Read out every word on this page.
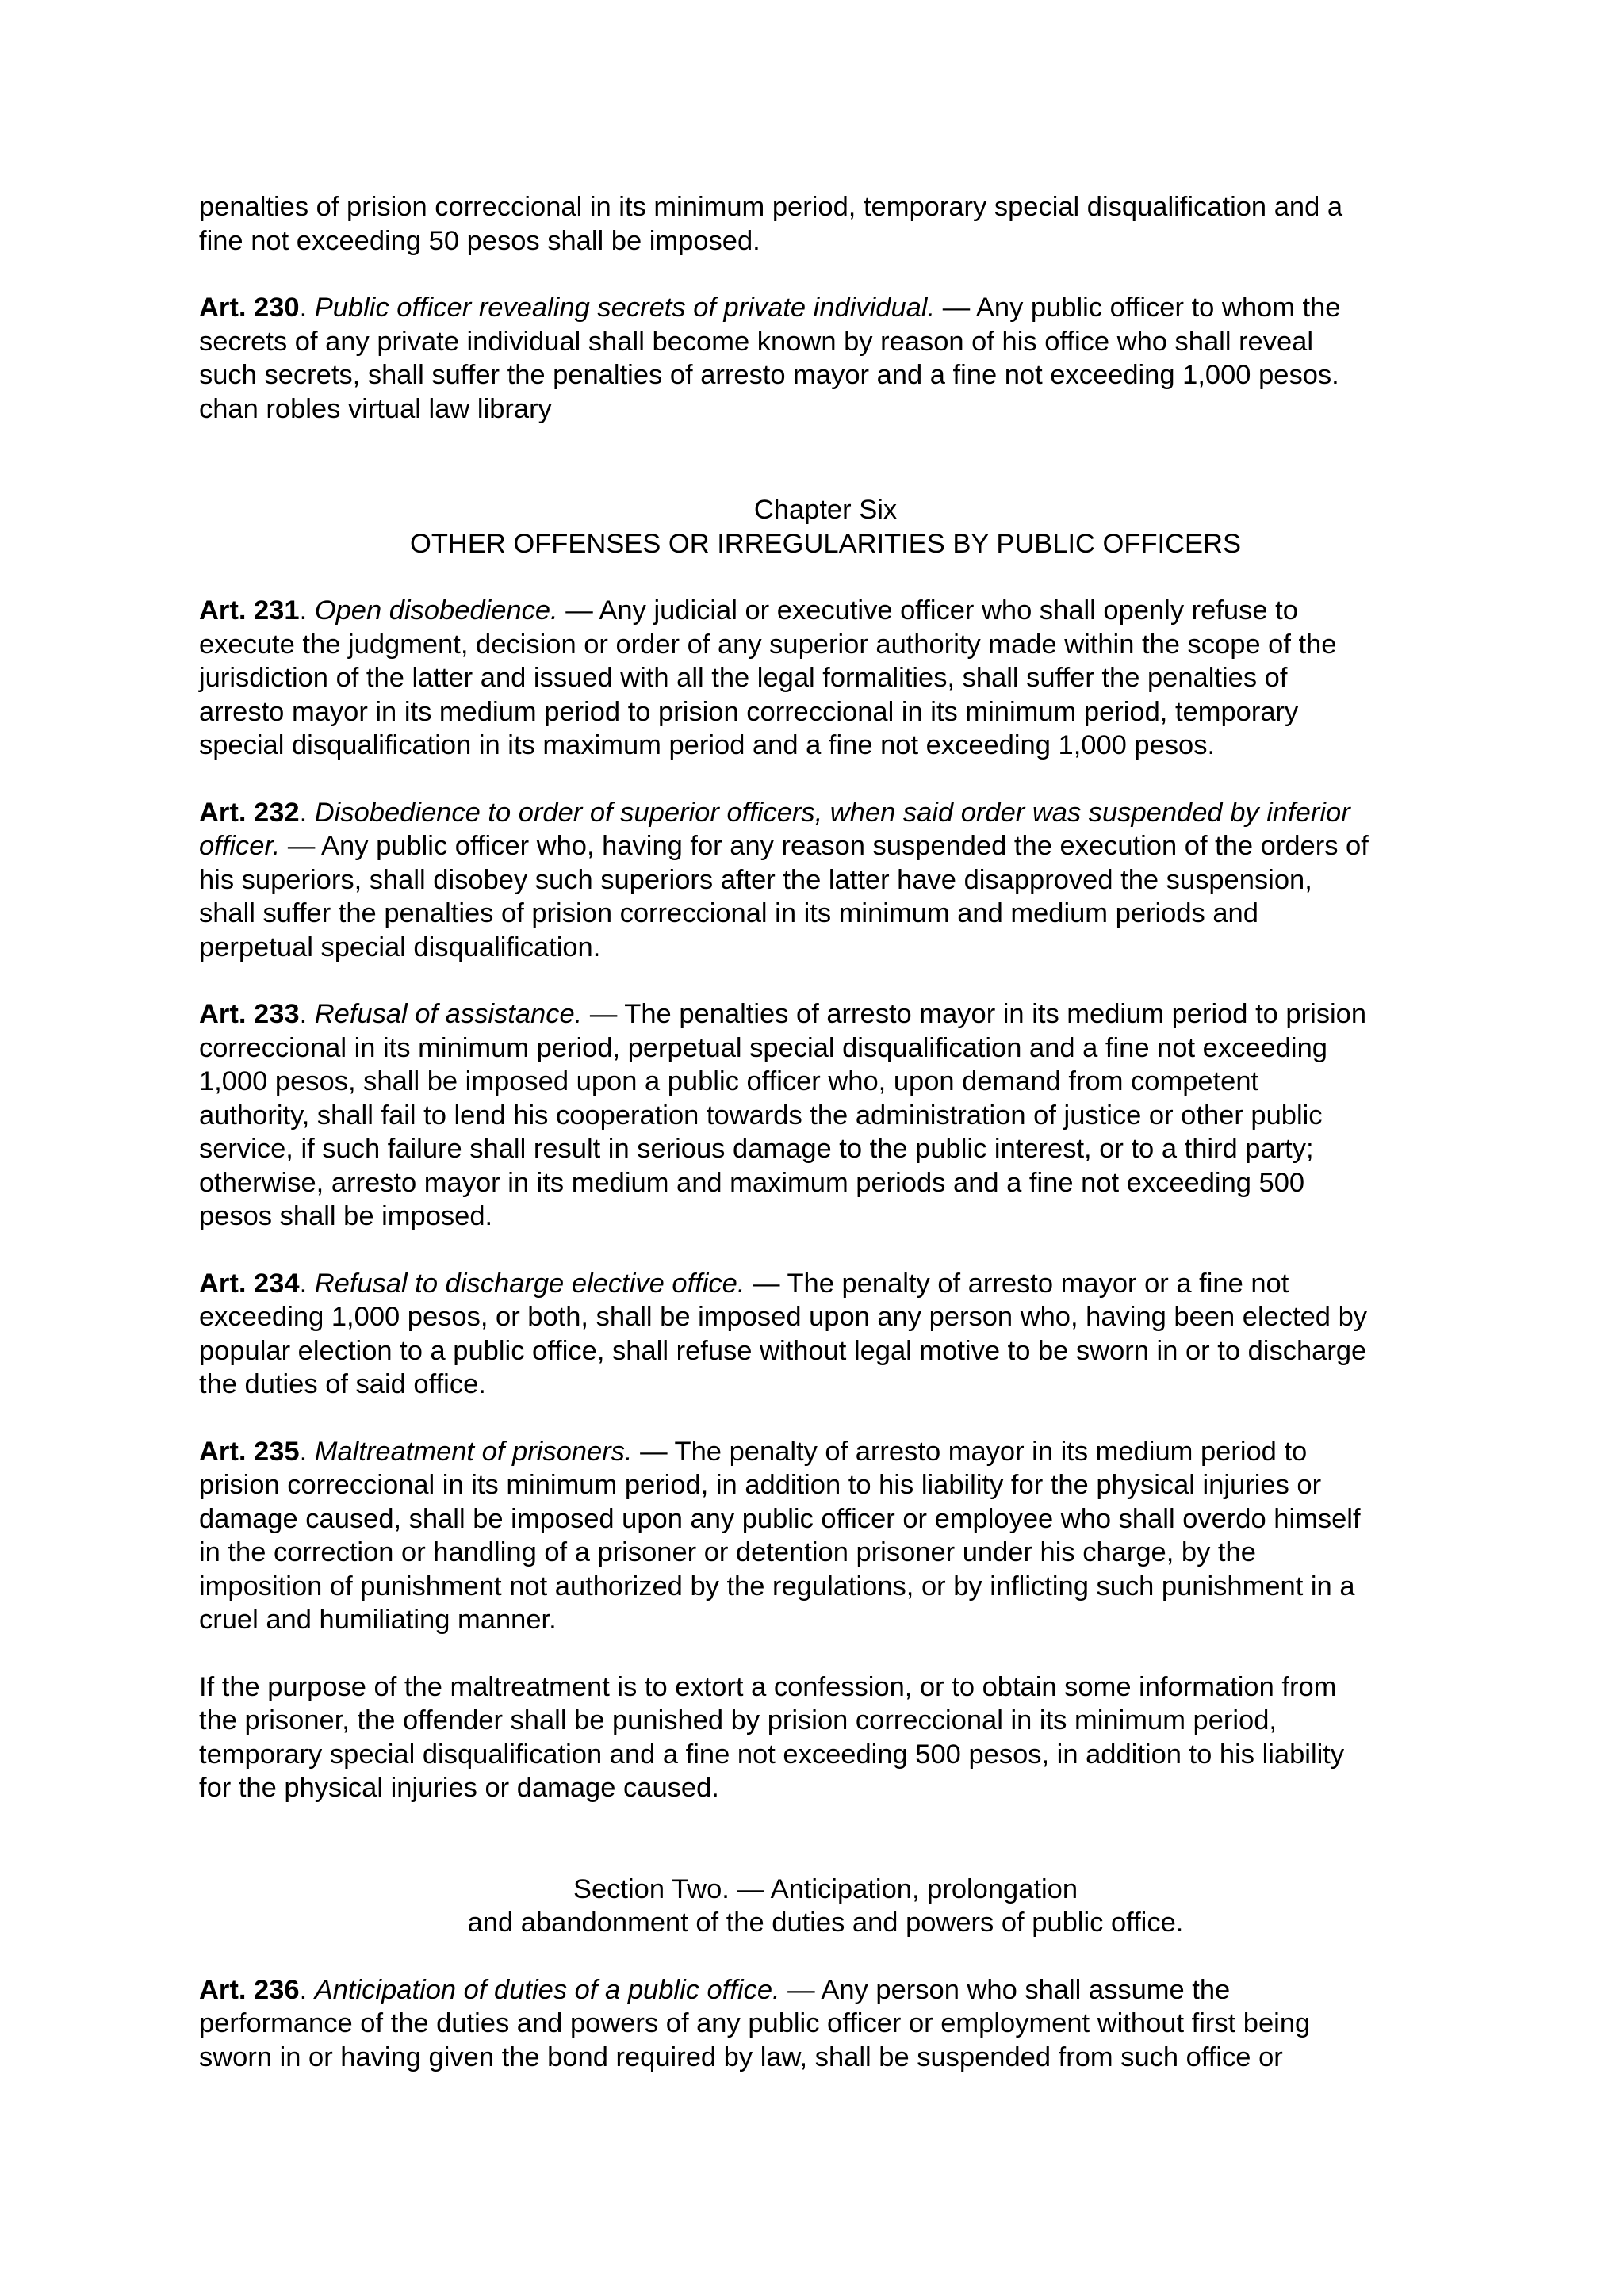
penalties of prision correccional in its minimum period, temporary special disqualification and a
fine not exceeding 50 pesos shall be imposed.

Art. 230. Public officer revealing secrets of private individual. — Any public officer to whom the
secrets of any private individual shall become known by reason of his office who shall reveal
such secrets, shall suffer the penalties of arresto mayor and a fine not exceeding 1,000 pesos.
chan robles virtual law library

Chapter Six

OTHER OFFENSES OR IRREGULARITIES BY PUBLIC OFFICERS

Art. 231. Open disobedience. — Any judicial or executive officer who shall openly refuse to
execute the judgment, decision or order of any superior authority made within the scope of the
jurisdiction of the latter and issued with all the legal formalities, shall suffer the penalties of
arresto mayor in its medium period to prision correccional in its minimum period, temporary
special disqualification in its maximum period and a fine not exceeding 1,000 pesos.

Art. 232. Disobedience to order of superior officers, when said order was suspended by inferior
officer. — Any public officer who, having for any reason suspended the execution of the orders of
his superiors, shall disobey such superiors after the latter have disapproved the suspension,
shall suffer the penalties of prision correccional in its minimum and medium periods and
perpetual special disqualification.

Art. 233. Refusal of assistance. — The penalties of arresto mayor in its medium period to prision
correccional in its minimum period, perpetual special disqualification and a fine not exceeding
1,000 pesos, shall be imposed upon a public officer who, upon demand from competent
authority, shall fail to lend his cooperation towards the administration of justice or other public
service, if such failure shall result in serious damage to the public interest, or to a third party;
otherwise, arresto mayor in its medium and maximum periods and a fine not exceeding 500
pesos shall be imposed.

Art. 234. Refusal to discharge elective office. — The penalty of arresto mayor or a fine not
exceeding 1,000 pesos, or both, shall be imposed upon any person who, having been elected by
popular election to a public office, shall refuse without legal motive to be sworn in or to discharge
the duties of said office.

Art. 235. Maltreatment of prisoners. — The penalty of arresto mayor in its medium period to
prision correccional in its minimum period, in addition to his liability for the physical injuries or
damage caused, shall be imposed upon any public officer or employee who shall overdo himself
in the correction or handling of a prisoner or detention prisoner under his charge, by the
imposition of punishment not authorized by the regulations, or by inflicting such punishment in a
cruel and humiliating manner.

If the purpose of the maltreatment is to extort a confession, or to obtain some information from
the prisoner, the offender shall be punished by prision correccional in its minimum period,
temporary special disqualification and a fine not exceeding 500 pesos, in addition to his liability
for the physical injuries or damage caused.

Section Two. — Anticipation, prolongation

and abandonment of the duties and powers of public office.

Art. 236. Anticipation of duties of a public office. — Any person who shall assume the
performance of the duties and powers of any public officer or employment without first being
sworn in or having given the bond required by law, shall be suspended from such office or
